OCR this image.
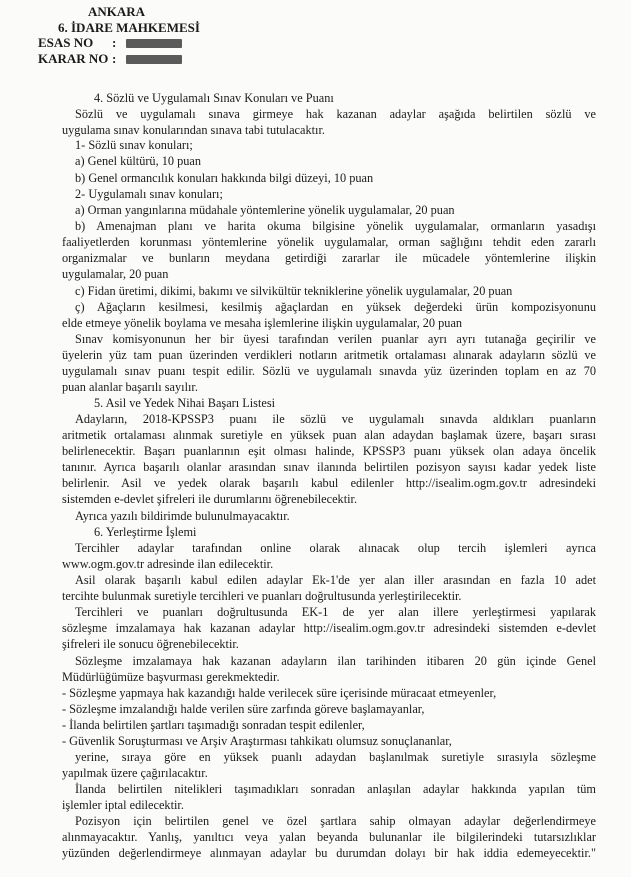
ANKARA
6. İDARE MAHKEMESİ
ESAS NO	:
KARAR NO :
4. Sözlü ve Uygulamalı Sınav Konuları ve Puanı
Sözlü ve uygulamalı sınava girmeye hak kazanan adaylar aşağıda belirtilen sözlü ve
uygulama sınav konularından sınava tabi tutulacaktır.
1- Sözlü sınav konuları;
a) Genel kültürü, 10 puan
b) Genel ormancılık konuları hakkında bilgi düzeyi, 10 puan
2- Uygulamalı sınav konuları;
a) Orman yangınlarına müdahale yöntemlerine yönelik uygulamalar, 20 puan
b) Amenajman planı ve harita okuma bilgisine yönelik uygulamalar, ormanların yasadışı
faaliyetlerden korunması yöntemlerine yönelik uygulamalar, orman sağlığını tehdit eden zararlı
organizmalar ve bunların meydana getirdiği zararlar ile mücadele yöntemlerine ilişkin
uygulamalar, 20 puan
c) Fidan üretimi, dikimi, bakımı ve silvikültür tekniklerine yönelik uygulamalar, 20 puan
ç) Ağaçların kesilmesi, kesilmiş ağaçlardan en yüksek değerdeki ürün kompozisyonunu
elde etmeye yönelik boylama ve mesaha işlemlerine ilişkin uygulamalar, 20 puan
Sınav komisyonunun her bir üyesi tarafından verilen puanlar ayrı ayrı tutanağa geçirilir ve
üyelerin yüz tam puan üzerinden verdikleri notların aritmetik ortalaması alınarak adayların sözlü ve
uygulamalı sınav puanı tespit edilir. Sözlü ve uygulamalı sınavda yüz üzerinden toplam en az 70
puan alanlar başarılı sayılır.
5. Asil ve Yedek Nihai Başarı Listesi
Adayların, 2018-KPSSP3 puanı ile sözlü ve uygulamalı sınavda aldıkları puanların
aritmetik ortalaması alınmak suretiyle en yüksek puan alan adaydan başlamak üzere, başarı sırası
belirlenecektir. Başarı puanlarının eşit olması halinde, KPSSP3 puanı yüksek olan adaya öncelik
tanınır. Ayrıca başarılı olanlar arasından sınav ilanında belirtilen pozisyon sayısı kadar yedek liste
belirlenir. Asil ve yedek olarak başarılı kabul edilenler http://isealim.ogm.gov.tr adresindeki
sistemden e-devlet şifreleri ile durumlarını öğrenebilecektir.
Ayrıca yazılı bildirimde bulunulmayacaktır.
6. Yerleştirme İşlemi
Tercihler adaylar tarafından online olarak alınacak olup tercih işlemleri ayrıca
www.ogm.gov.tr adresinde ilan edilecektir.
Asil olarak başarılı kabul edilen adaylar Ek-1'de yer alan iller arasından en fazla 10 adet
tercihte bulunmak suretiyle tercihleri ve puanları doğrultusunda yerleştirilecektir.
Tercihleri ve puanları doğrultusunda EK-1 de yer alan illere yerleştirmesi yapılarak
sözleşme imzalamaya hak kazanan adaylar http://isealim.ogm.gov.tr adresindeki sistemden e-devlet
şifreleri ile sonucu öğrenebilecektir.
Sözleşme imzalamaya hak kazanan adayların ilan tarihinden itibaren 20 gün içinde Genel
Müdürlüğümüze başvurması gerekmektedir.
- Sözleşme yapmaya hak kazandığı halde verilecek süre içerisinde müracaat etmeyenler,
- Sözleşme imzalandığı halde verilen süre zarfında göreve başlamayanlar,
- İlanda belirtilen şartları taşımadığı sonradan tespit edilenler,
- Güvenlik Soruşturması ve Arşiv Araştırması tahkikatı olumsuz sonuçlananlar,
yerine, sıraya göre en yüksek puanlı adaydan başlanılmak suretiyle sırasıyla sözleşme
yapılmak üzere çağırılacaktır.
İlanda belirtilen nitelikleri taşımadıkları sonradan anlaşılan adaylar hakkında yapılan tüm
işlemler iptal edilecektir.
Pozisyon için belirtilen genel ve özel şartlara sahip olmayan adaylar değerlendirmeye
alınmayacaktır. Yanlış, yanıltıcı veya yalan beyanda bulunanlar ile bilgilerindeki tutarsızlıklar
yüzünden değerlendirmeye alınmayan adaylar bu durumdan dolayı bir hak iddia edemeyecektir."
